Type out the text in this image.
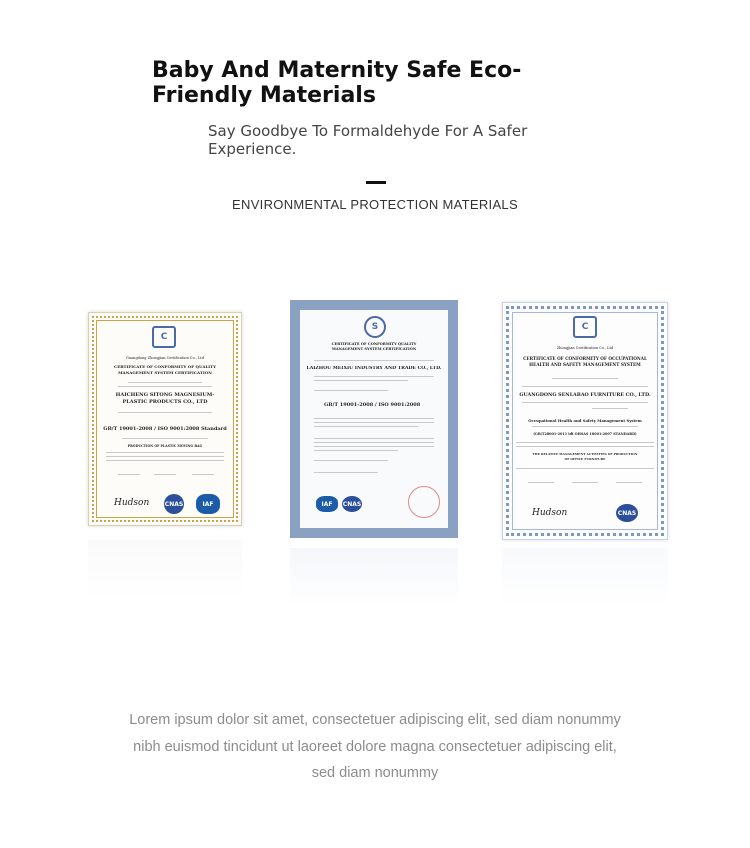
Baby And Maternity Safe Eco-Friendly Materials
Say Goodbye To Formaldehyde For A Safer Experience.
ENVIRONMENTAL PROTECTION MATERIALS
C
Guangdong Zhongjian Certification Co., Ltd
CERTIFICATE OF CONFORMITY OF QUALITY MANAGEMENT SYSTEM CERTIFICATION
HAICHENG SITONG MAGNESIUM-PLASTIC PRODUCTS CO., LTD
GB/T 19001-2008 / ISO 9001:2008 Standard
PRODUCTION OF PLASTIC MOVING BAG
Hudson	CNAS	IAF
S
CERTIFICATE OF CONFORMITY QUALITY MANAGEMENT SYSTEM CERTIFICATION
LAIZHOU MEIXIU INDUSTRY AND TRADE CO., LTD.
GB/T 19001-2008 / ISO 9001:2008
IAF	CNAS
C
Zhongjian Certification Co., Ltd
CERTIFICATE OF CONFORMITY OF OCCUPATIONAL HEALTH AND SAFETY MANAGEMENT SYSTEM
GUANGDONG SENLABAO FURNITURE CO., LTD.
Occupational Health and Safety Management System
(GB/T28001-2011 idt OHSAS 18001:2007 STANDARD)
THE RELATIVE MANAGEMENT ACTIVITIES OF PRODUCTION OF OFFICE FURNITURE
Hudson	CNAS
Lorem ipsum dolor sit amet, consectetuer adipiscing elit, sed diam nonummy nibh euismod tincidunt ut laoreet dolore magna consectetuer adipiscing elit, sed diam nonummy
